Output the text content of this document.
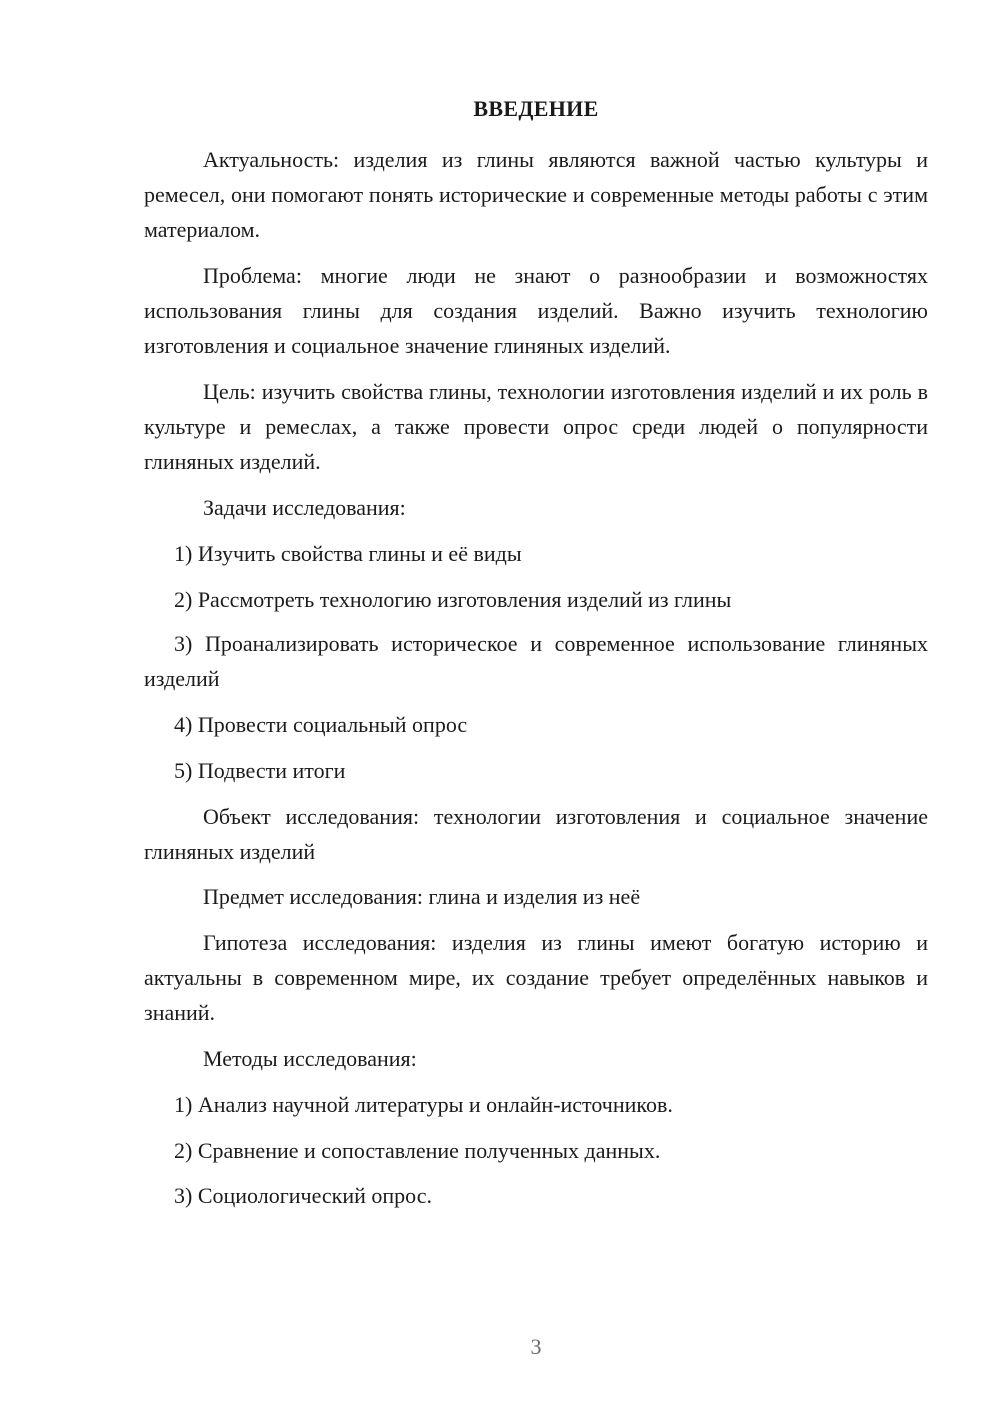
ВВЕДЕНИЕ

Актуальность: изделия из глины являются важной частью культуры и ремесел, они помогают понять исторические и современные методы работы с этим материалом.

Проблема: многие люди не знают о разнообразии и возможностях использования глины для создания изделий. Важно изучить технологию изготовления и социальное значение глиняных изделий.

Цель: изучить свойства глины, технологии изготовления изделий и их роль в культуре и ремеслах, а также провести опрос среди людей о популярности глиняных изделий.

Задачи исследования:

1) Изучить свойства глины и её виды

2) Рассмотреть технологию изготовления изделий из глины

3) Проанализировать историческое и современное использование глиняных изделий

4) Провести социальный опрос

5) Подвести итоги

Объект исследования: технологии изготовления и социальное значение глиняных изделий

Предмет исследования: глина и изделия из неё

Гипотеза исследования: изделия из глины имеют богатую историю и актуальны в современном мире, их создание требует определённых навыков и знаний.

Методы исследования:

1) Анализ научной литературы и онлайн-источников.

2) Сравнение и сопоставление полученных данных.

3) Социологический опрос.

3
